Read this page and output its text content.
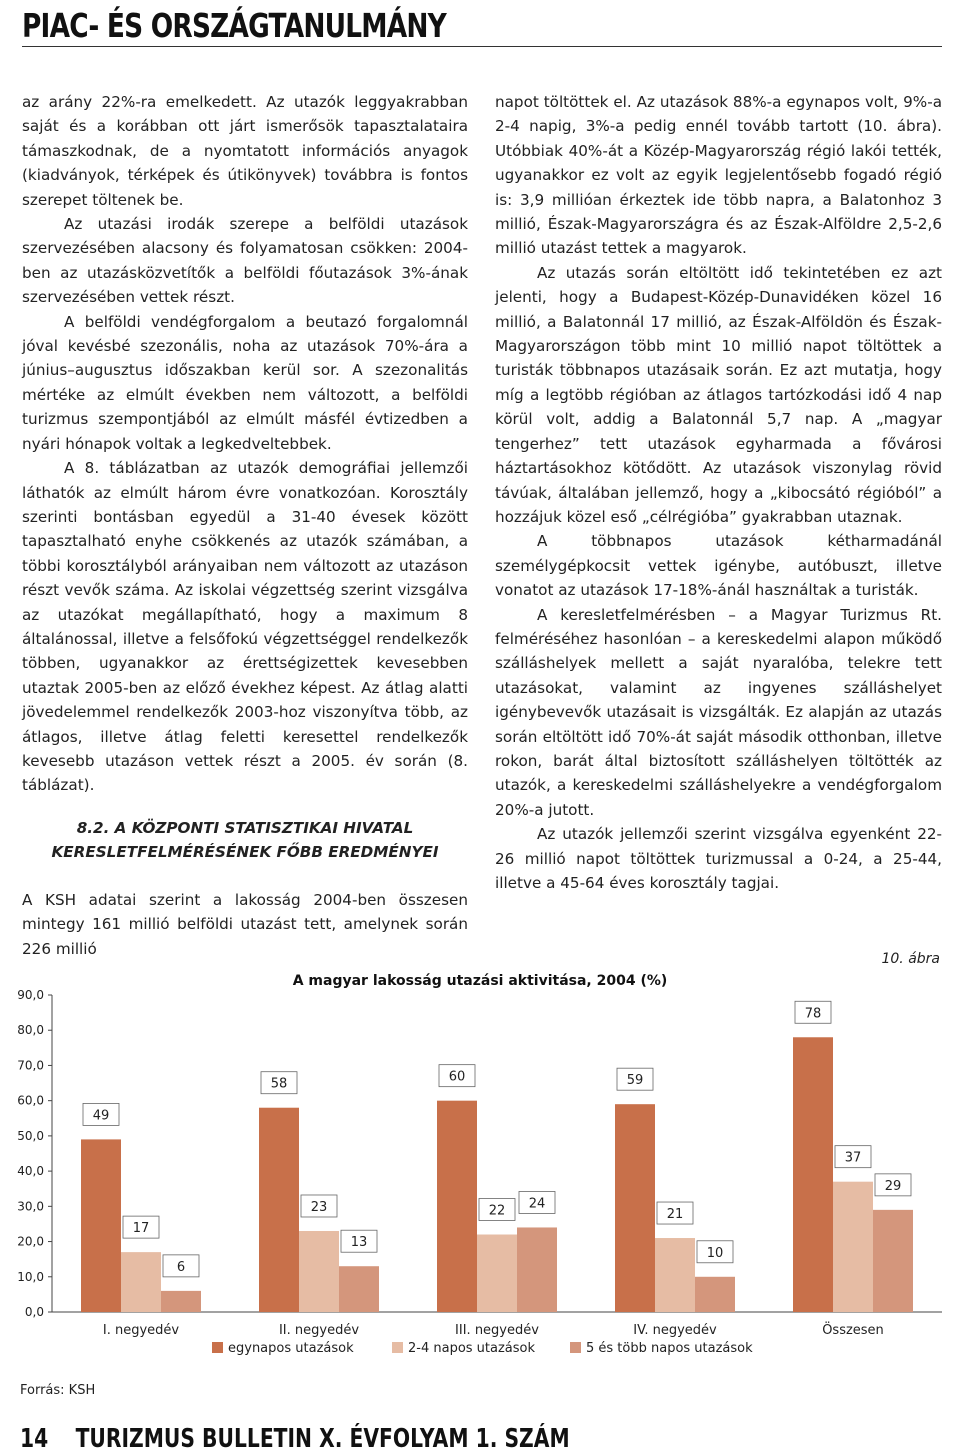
PIAC- ÉS ORSZÁGTANULMÁNY

az arány 22%-ra emelkedett. Az utazók leggyakrabban saját és a korábban ott járt ismerősök tapasztalataira támaszkodnak, de a nyomtatott információs anyagok (kiadványok, térképek és útikönyvek) továbbra is fontos szerepet töltenek be.

Az utazási irodák szerepe a belföldi utazások szervezésében alacsony és folyamatosan csökken: 2004-ben az utazásközvetítők a belföldi főutazások 3%-ának szervezésében vettek részt.

A belföldi vendégforgalom a beutazó forgalomnál jóval kevésbé szezonális, noha az utazások 70%-ára a június–augusztus időszakban kerül sor. A szezonalitás mértéke az elmúlt években nem változott, a belföldi turizmus szempontjából az elmúlt másfél évtizedben a nyári hónapok voltak a legkedveltebbek.

A 8. táblázatban az utazók demográfiai jellemzői láthatók az elmúlt három évre vonatkozóan. Korosztály szerinti bontásban egyedül a 31-40 évesek között tapasztalható enyhe csökkenés az utazók számában, a többi korosztályból arányaiban nem változott az utazáson részt vevők száma. Az iskolai végzettség szerint vizsgálva az utazókat megállapítható, hogy a maximum 8 általánossal, illetve a felsőfokú végzettséggel rendelkezők többen, ugyanakkor az érettségizettek kevesebben utaztak 2005-ben az előző évekhez képest. Az átlag alatti jövedelemmel rendelkezők 2003-hoz viszonyítva több, az átlagos, illetve átlag feletti keresettel rendelkezők kevesebb utazáson vettek részt a 2005. év során (8. táblázat).

8.2. A KÖZPONTI STATISZTIKAI HIVATAL
KERESLETFELMÉRÉSÉNEK FŐBB EREDMÉNYEI

A KSH adatai szerint a lakosság 2004-ben összesen mintegy 161 millió belföldi utazást tett, amelynek során 226 millió

napot töltöttek el. Az utazások 88%-a egynapos volt, 9%-a 2-4 napig, 3%-a pedig ennél tovább tartott (10. ábra). Utóbbiak 40%-át a Közép-Magyarország régió lakói tették, ugyanakkor ez volt az egyik legjelentősebb fogadó régió is: 3,9 millióan érkeztek ide több napra, a Balatonhoz 3 millió, Észak-Magyarországra és az Észak-Alföldre 2,5-2,6 millió utazást tettek a magyarok.

Az utazás során eltöltött idő tekintetében ez azt jelenti, hogy a Budapest-Közép-Dunavidéken közel 16 millió, a Balatonnál 17 millió, az Észak-Alföldön és Észak-Magyarországon több mint 10 millió napot töltöttek a turisták többnapos utazásaik során. Ez azt mutatja, hogy míg a legtöbb régióban az átlagos tartózkodási idő 4 nap körül volt, addig a Balatonnál 5,7 nap. A „magyar tengerhez” tett utazások egyharmada a fővárosi háztartásokhoz kötődött. Az utazások viszonylag rövid távúak, általában jellemző, hogy a „kibocsátó régióból” a hozzájuk közel eső „célrégióba” gyakrabban utaznak.

A többnapos utazások kétharmadánál személygépkocsit vettek igénybe, autóbuszt, illetve vonatot az utazások 17-18%-ánál használtak a turisták.

A keresletfelmérésben – a Magyar Turizmus Rt. felméréséhez hasonlóan – a kereskedelmi alapon működő szálláshelyek mellett a saját nyaralóba, telekre tett utazásokat, valamint az ingyenes szálláshelyet igénybevevők utazásait is vizsgálták. Ez alapján az utazás során eltöltött idő 70%-át saját második otthonban, illetve rokon, barát által biztosított szálláshelyen töltötték az utazók, a kereskedelmi szálláshelyekre a vendégforgalom 20%-a jutott.

Az utazók jellemzői szerint vizsgálva egyenként 22-26 millió napot töltöttek turizmussal a 0-24, a 25-44, illetve a 45-64 éves korosztály tagjai.

A magyar lakosság utazási aktivitása, 2004 (%)
10. ábra
0,0
10,0
20,0
30,0
40,0
50,0
60,0
70,0
80,0
90,0
49
17
6
58
23
13
60
22 24
59
21
10
78
37
29
I. negyedév	II. negyedév	III. negyedév	IV. negyedév	Összesen
egynapos utazások	2-4 napos utazások	5 és több napos utazások
Forrás: KSH
14 TURIZMUS BULLETIN X. ÉVFOLYAM 1. SZÁM
